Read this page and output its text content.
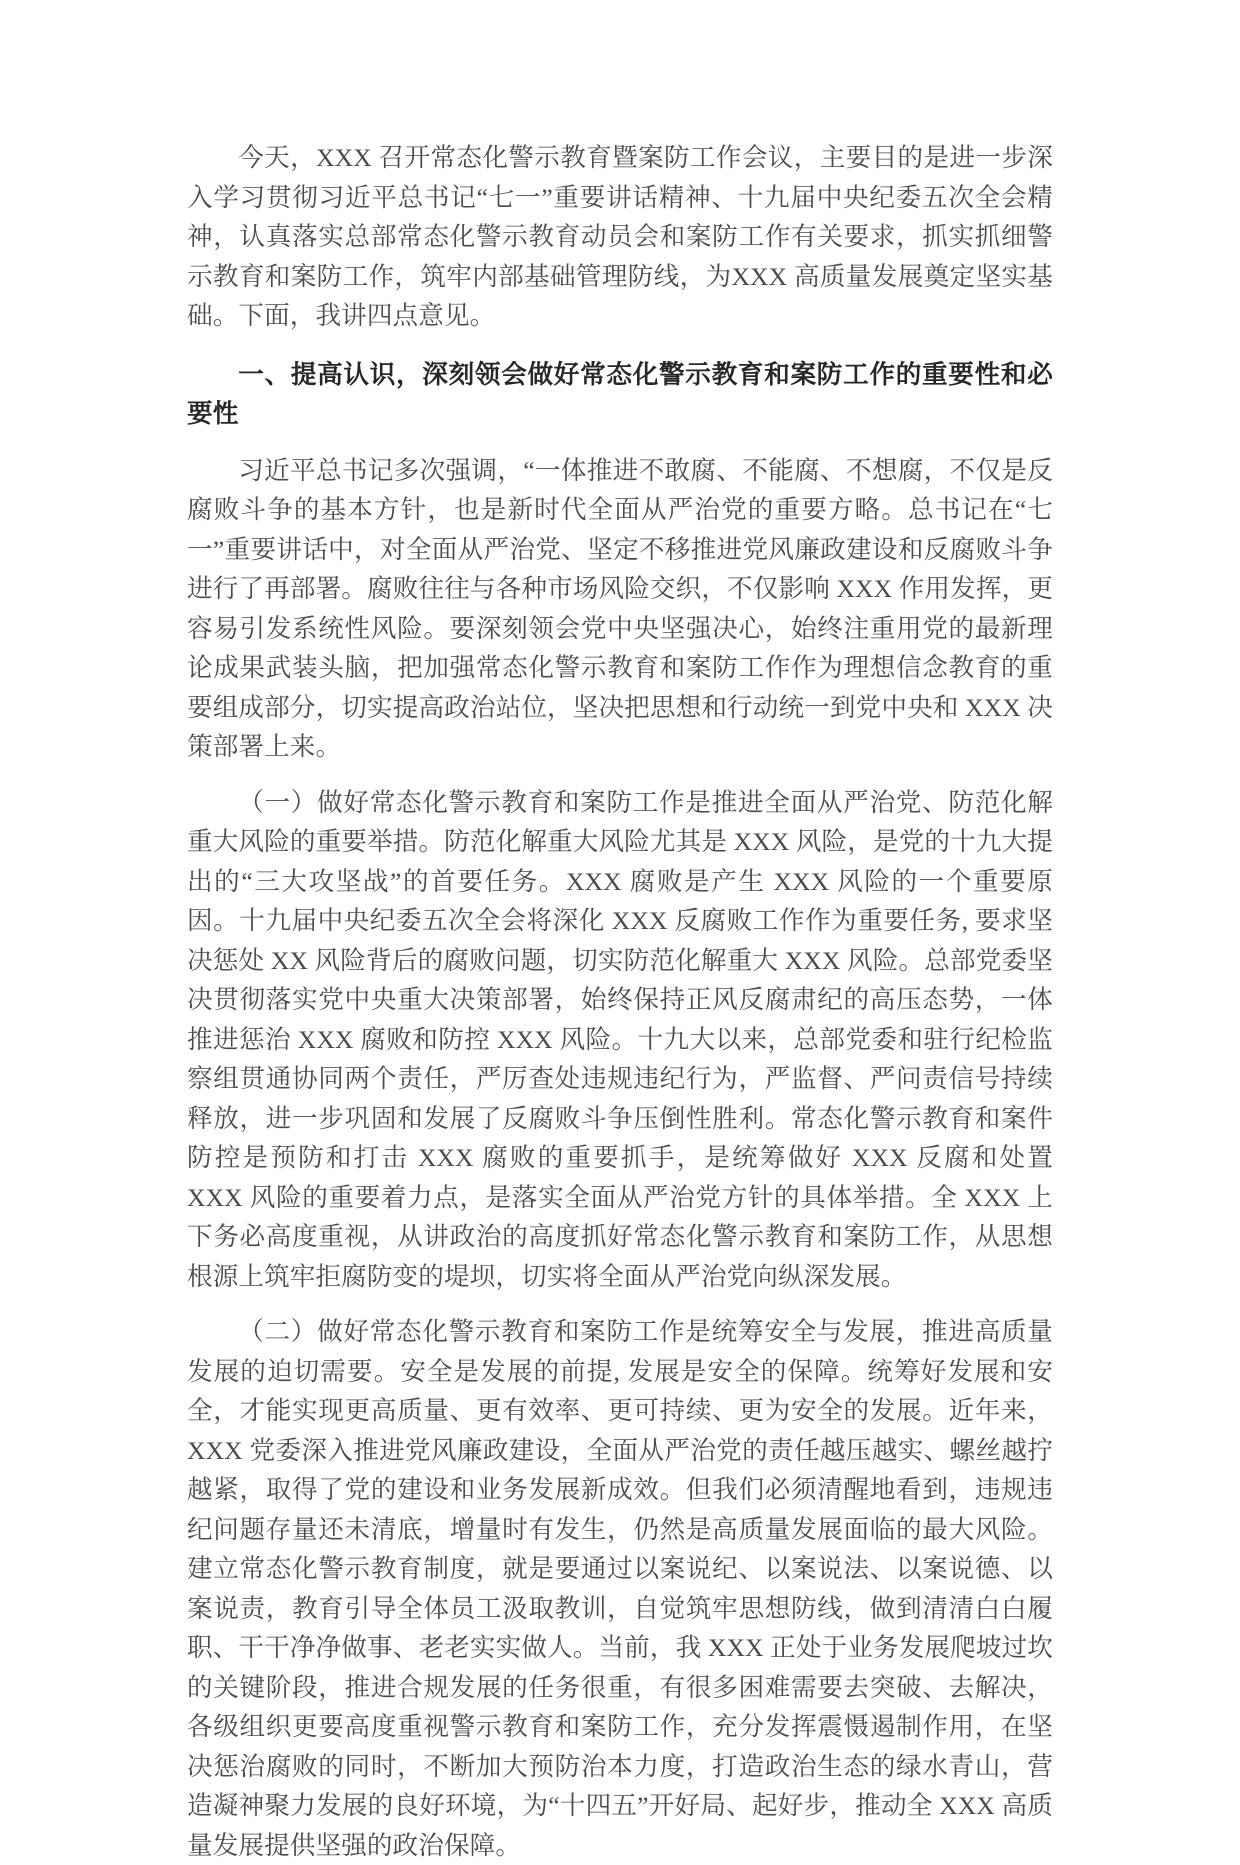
今天，XXX 召开常态化警示教育暨案防工作会议，主要目的是进一步深入学习贯彻习近平总书记“七一”重要讲话精神、十九届中央纪委五次全会精神，认真落实总部常态化警示教育动员会和案防工作有关要求，抓实抓细警示教育和案防工作，筑牢内部基础管理防线，为XXX 高质量发展奠定坚实基础。下面，我讲四点意见。

一、提高认识，深刻领会做好常态化警示教育和案防工作的重要性和必要性

习近平总书记多次强调，“一体推进不敢腐、不能腐、不想腐，不仅是反腐败斗争的基本方针，也是新时代全面从严治党的重要方略。总书记在“七一”重要讲话中，对全面从严治党、坚定不移推进党风廉政建设和反腐败斗争进行了再部署。腐败往往与各种市场风险交织，不仅影响 XXX 作用发挥，更容易引发系统性风险。要深刻领会党中央坚强决心，始终注重用党的最新理论成果武装头脑，把加强常态化警示教育和案防工作作为理想信念教育的重要组成部分，切实提高政治站位，坚决把思想和行动统一到党中央和 XXX 决策部署上来。

（一）做好常态化警示教育和案防工作是推进全面从严治党、防范化解重大风险的重要举措。防范化解重大风险尤其是 XXX 风险，是党的十九大提出的“三大攻坚战”的首要任务。XXX 腐败是产生 XXX 风险的一个重要原因。十九届中央纪委五次全会将深化 XXX 反腐败工作作为重要任务, 要求坚决惩处 XX 风险背后的腐败问题，切实防范化解重大 XXX 风险。总部党委坚决贯彻落实党中央重大决策部署，始终保持正风反腐肃纪的高压态势，一体推进惩治 XXX 腐败和防控 XXX 风险。十九大以来，总部党委和驻行纪检监察组贯通协同两个责任，严厉查处违规违纪行为，严监督、严问责信号持续释放，进一步巩固和发展了反腐败斗争压倒性胜利。常态化警示教育和案件防控是预防和打击 XXX 腐败的重要抓手，是统筹做好 XXX 反腐和处置 XXX 风险的重要着力点，是落实全面从严治党方针的具体举措。全 XXX 上下务必高度重视，从讲政治的高度抓好常态化警示教育和案防工作，从思想根源上筑牢拒腐防变的堤坝，切实将全面从严治党向纵深发展。

（二）做好常态化警示教育和案防工作是统筹安全与发展，推进高质量发展的迫切需要。安全是发展的前提, 发展是安全的保障。统筹好发展和安全，才能实现更高质量、更有效率、更可持续、更为安全的发展。近年来，XXX 党委深入推进党风廉政建设，全面从严治党的责任越压越实、螺丝越拧越紧，取得了党的建设和业务发展新成效。但我们必须清醒地看到，违规违纪问题存量还未清底，增量时有发生，仍然是高质量发展面临的最大风险。建立常态化警示教育制度，就是要通过以案说纪、以案说法、以案说德、以案说责，教育引导全体员工汲取教训，自觉筑牢思想防线，做到清清白白履职、干干净净做事、老老实实做人。当前，我 XXX 正处于业务发展爬坡过坎的关键阶段，推进合规发展的任务很重，有很多困难需要去突破、去解决，各级组织更要高度重视警示教育和案防工作，充分发挥震慑遏制作用，在坚决惩治腐败的同时，不断加大预防治本力度，打造政治生态的绿水青山，营造凝神聚力发展的良好环境，为“十四五”开好局、起好步，推动全 XXX 高质量发展提供坚强的政治保障。
